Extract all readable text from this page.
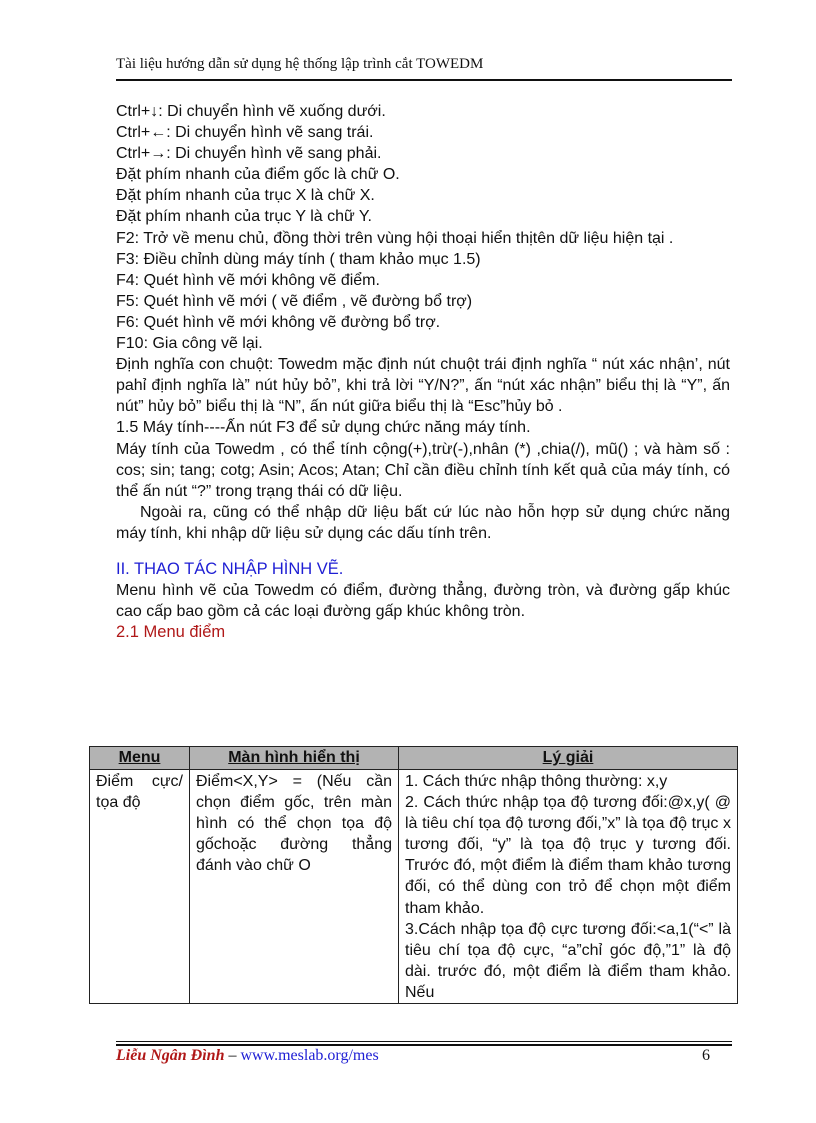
Tài liệu hướng dẫn sử dụng hệ thống lập trình cắt TOWEDM

Ctrl+↓: Di chuyển hình vẽ xuống dưới.

Ctrl+←: Di chuyển hình vẽ sang trái.

Ctrl+→: Di chuyển hình vẽ sang phải.

Đặt phím nhanh của điểm gốc là chữ O.

Đặt phím nhanh của trục X là chữ X.

Đặt phím nhanh của trục Y là chữ Y.

F2: Trở về menu chủ, đồng thời trên vùng hội thoại hiển thịtên dữ liệu hiện tại .

F3: Điều chỉnh dùng máy tính ( tham khảo mục 1.5)

F4: Quét hình vẽ mới không vẽ điểm.

F5: Quét hình vẽ mới ( vẽ điểm , vẽ đường bổ trợ)

F6: Quét hình vẽ mới không vẽ đường bổ trợ.

F10: Gia công vẽ lại.

Định nghĩa con chuột: Towedm mặc định nút chuột trái định nghĩa “ nút xác nhận’, nút pahỉ định nghĩa là” nút hủy bỏ”, khi trả lời “Y/N?”, ấn “nút xác nhận” biểu thị là “Y”, ấn nút” hủy bỏ” biểu thị là “N”, ấn nút giữa biểu thị là “Esc”hủy bỏ .

1.5 Máy tính----Ấn nút F3 để sử dụng chức năng máy tính.

Máy tính của Towedm , có thể tính cộng(+),trừ(-),nhân (*) ,chia(/), mũ() ; và hàm số : cos; sin; tang; cotg; Asin; Acos; Atan; Chỉ cần điều chỉnh tính kết quả của máy tính, có thể ấn nút “?” trong trạng thái có dữ liệu.

Ngoài ra, cũng có thể nhập dữ liệu bất cứ lúc nào hỗn hợp sử dụng chức năng máy tính, khi nhập dữ liệu sử dụng các dấu tính trên.

II. THAO TÁC NHẬP HÌNH VẼ.

Menu hình vẽ của Towedm có điểm, đường thẳng, đường tròn, và đường gấp khúc cao cấp bao gồm cả các loại đường gấp khúc không tròn.

2.1 Menu điểm

Menu	Màn hình hiển thị	Lý giải
Điểm cực/ tọa độ	Điểm<X,Y> = (Nếu cần chọn điểm gốc, trên màn hình có thể chọn tọa độ gốchoặc đường thẳng đánh vào chữ O	1. Cách thức nhập thông thường: x,y
2. Cách thức nhập tọa độ tương đối:@x,y( @ là tiêu chí tọa độ tương đối,”x” là tọa độ trục x tương đối, “y” là tọa độ trục y tương đối. Trước đó, một điểm là điểm tham khảo tương đối, có thể dùng con trỏ để chọn một điểm tham khảo.
3.Cách nhập tọa độ cực tương đối:<a,1(“<” là tiêu chí tọa độ cực, “a”chỉ góc độ,”1” là độ dài. trước đó, một điểm là điểm tham khảo. Nếu
Liễu Ngân Đình – www.meslab.org/mes	6
